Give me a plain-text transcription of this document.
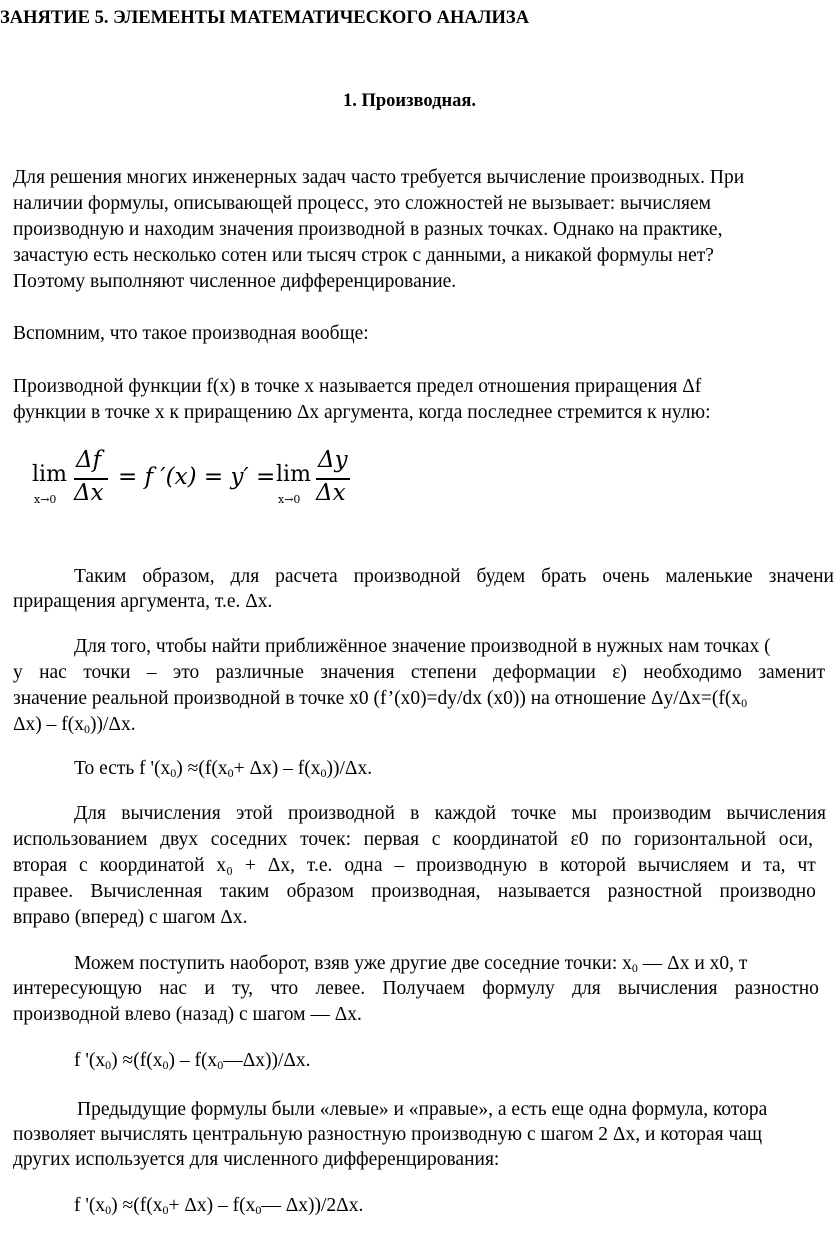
ЗАНЯТИЕ 5. ЭЛЕМЕНТЫ МАТЕМАТИЧЕСКОГО АНАЛИЗА
1. Производная.
Для решения многих инженерных задач часто требуется вычисление производных. При
наличии формулы, описывающей процесс, это сложностей не вызывает: вычисляем
производную и находим значения производной в разных точках. Однако на практике,
зачастую есть несколько сотен или тысяч строк с данными, а никакой формулы нет?
Поэтому выполняют численное дифференцирование.
Вспомним, что такое производная вообще:
Производной функции f(x) в точке x называется предел отношения приращения Δf
функции в точке x к приращению Δx аргумента, когда последнее стремится к нулю:
lim
x→0
Δf
Δx
= f ′(x) = y′ = lim
x→0
Δy
Δx
Таким образом, для расчета производной будем брать очень маленькие значени
приращения аргумента, т.е. Δx.
Для того, чтобы найти приближённое значение производной в нужных нам точках (
у нас точки – это различные значения степени деформации ε) необходимо заменит
значение реальной производной в точке x0 (f’(x0)=dy/dx (x0)) на отношение $\Delta y/\Delta x=(f(x_0$
$\Delta x) - f(x_0))/\Delta x$.
То есть f '$(x_0) \approx(f(x_0+ \Delta x) - f(x_0))/\Delta x$.
Для вычисления этой производной в каждой точке мы производим вычисления
использованием двух соседних точек: первая с координатой ε0 по горизонтальной оси,
вторая с координатой x₀ + Δx, т.е. одна – производную в которой вычисляем и та, чт
правее. Вычисленная таким образом производная, называется разностной производно
вправо (вперед) с шагом Δx.
Можем поступить наоборот, взяв уже другие две соседние точки: $x_0$ — Δx и x0, т
интересующую нас и ту, что левее. Получаем формулу для вычисления разностно
производной влево (назад) с шагом — Δx.
f '$(x_0) \approx(f(x_0)$ – $f(x_0—\Delta x))/\Delta x$.
Предыдущие формулы были «левые» и «правые», а есть еще одна формула, котора
позволяет вычислять центральную разностную производную с шагом 2 Δx, и которая чащ
других используется для численного дифференцирования:
f '$(x_0) \approx(f(x_0+ \Delta x)$ – $f(x_0—$ Δx))/2Δx.
